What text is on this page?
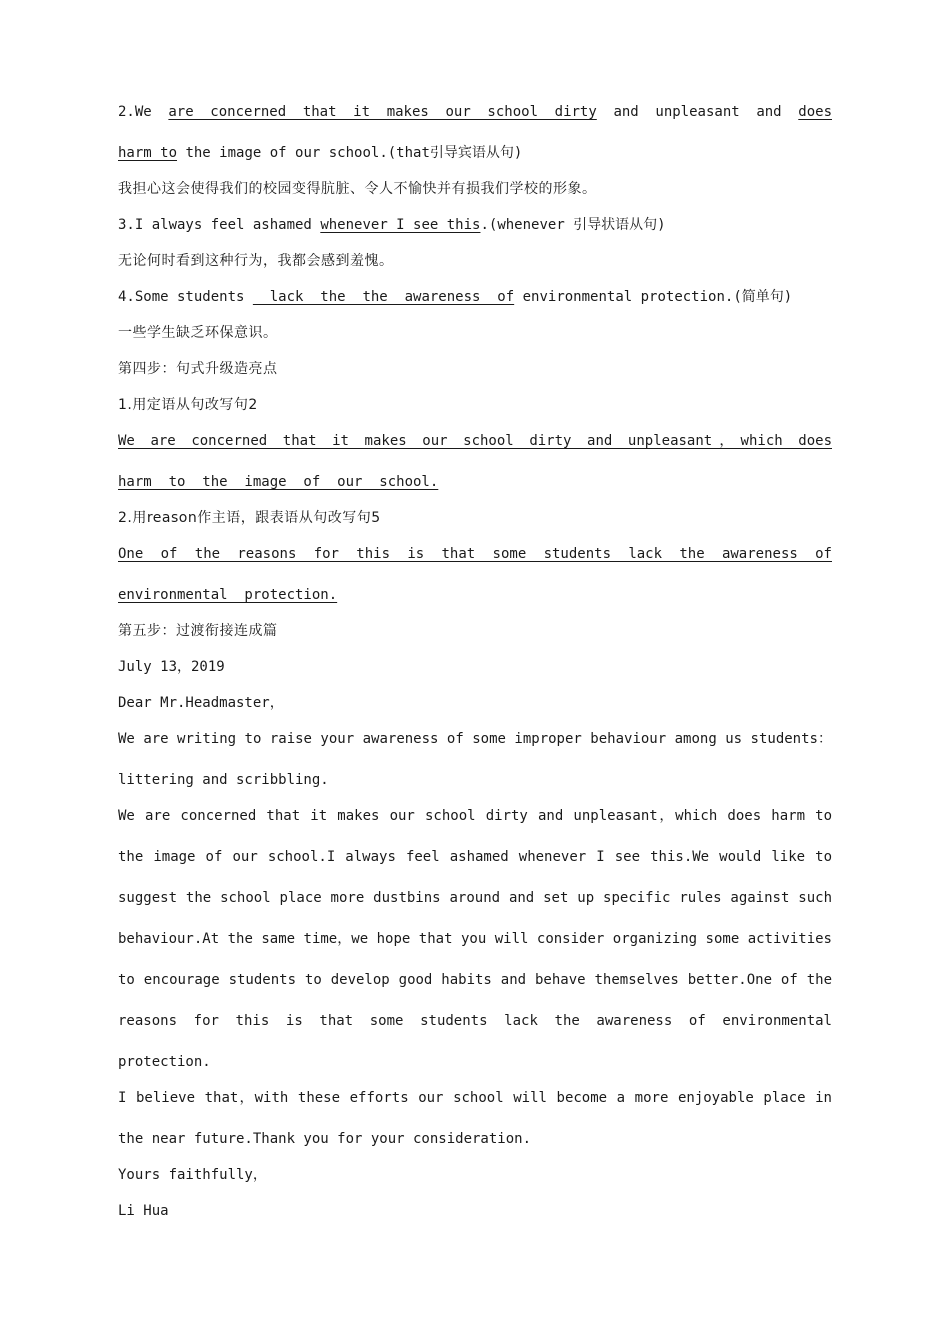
2.We are concerned that it makes our school dirty and unpleasant and does
harm to the image of our school.(that引导宾语从句)
我担心这会使得我们的校园变得肮脏、令人不愉快并有损我们学校的形象。
3.I always feel ashamed whenever I see this.(whenever 引导状语从句)
无论何时看到这种行为，我都会感到羞愧。
4.Some students   lack  the  the  awareness  of environmental protection.(简单句)
一些学生缺乏环保意识。
第四步：句式升级造亮点
1.用定语从句改写句2
We are concerned that it makes our school dirty and unpleasant，which does
harm  to  the  image  of  our  school.
2.用reason作主语，跟表语从句改写句5
One of the reasons for this is that some students lack the awareness of
environmental  protection.
第五步：过渡衔接连成篇
July 13，2019
Dear Mr.Headmaster，
We are writing to raise your awareness of some improper behaviour among us students：
littering and scribbling.
We are concerned that it makes our school dirty and unpleasant，which does harm to
the image of our school.I always feel ashamed whenever I see this.We would like to
suggest the school place more dustbins around and set up specific rules against such
behaviour.At the same time，we hope that you will consider organizing some activities
to encourage students to develop good habits and behave themselves better.One of the
reasons for this is that some students lack the awareness of environmental
protection.
I believe that，with these efforts our school will become a more enjoyable place in
the near future.Thank you for your consideration.
Yours faithfully，
Li Hua
